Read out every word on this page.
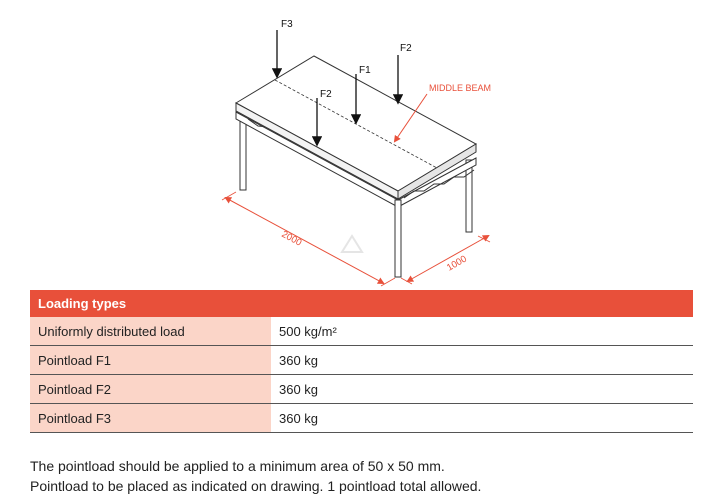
F3
F2
F1
F2
MIDDLE BEAM
2000
1000
Loading types	
Uniformly distributed load	500 kg/m²
Pointload F1	360 kg
Pointload F2	360 kg
Pointload F3	360 kg
The pointload should be applied to a minimum area of 50 x 50 mm.
Pointload to be placed as indicated on drawing. 1 pointload total allowed.
